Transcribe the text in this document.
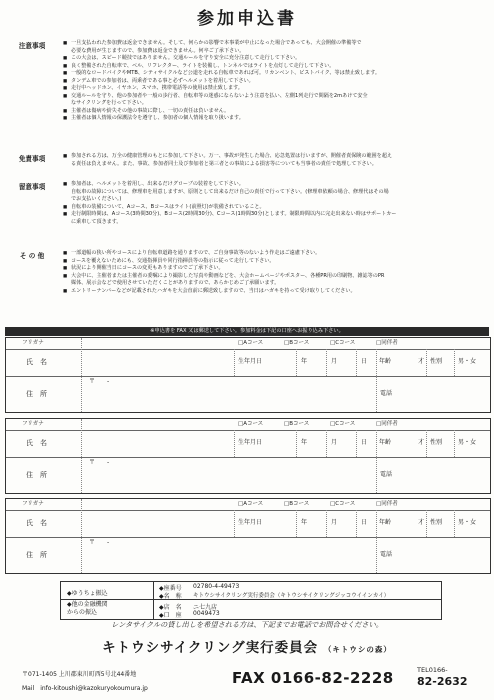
参加申込書
注意事項	■ 一旦支払われた参加費は返金できません。そして、何らかの影響で本事業が中止になった場合であっても、大会開催の準備等で
必要な費用が生じますので、参加費は返金できません。何卒ご了承下さい。
■ この大会は、スピード競技ではありません。交通ルールを守り安全に充分注意して走行して下さい。
■ 良く整備された自転車で、ベル、リフレクター、ライトを装備し、トンネルではライトを点灯して走行して下さい。
■ 一般的なロードバイクやMTB、シティサイクルなど公道を走れる自転車であれば可。リカンベント、ピストバイク、等は禁止致します。
■ タンデム車での参加者は、両乗者である事と必ずヘルメットを着用して下さい。
■ 走行中ヘッドホン、イヤホン、スマホ、携帯電話等の使用は禁止致します。
■ 交通ルールを守り、他の参加者や一般の歩行者、自転車等の迷惑にならないよう注意を払い、左側1列走行で間隔を2mあけて安全
なサイクリングを行って下さい。
■ 主催者は傷病や紛失その他の事故に際し、一切の責任は負いません。
■ 主催者は個人情報の保護法令を遵守し、参加者の個人情報を取り扱います。
免責事項	■ 参加される方は、万全の健康管理のもとに参加して下さい。万一、事故が発生した場合、応急処置は行いますが、開催者責保険の範囲を超え
る責任は負えません。また、事故、参加者同士及び参加者と第三者との事故による損害等についても当事者の責任で処理して下さい。
留意事項	■ 参加者は、ヘルメットを着用し、出来るだけグローブの装着をして下さい。
自転車の故障については、修理車を用意しますが、原則として出来るだけ自己の責任で行って下さい。(修理車依頼の場合、修理代はその場
でお支払いください。)
■ 自転車の装備について、Aコース、Bコースはライト(前照灯)が装備されていること。
■ 走行制限時間は、Aコース(3時間30分)、Bコース(2時間30分)、Cコース(1時間30分)とします。制限時間以内に完走出来ない時はサポートカー
に乗車して頂きます。
そ の 他	■ 一部道幅の狭い所やコースにより自転車道路を通りますので、ご自身事故等のないよう作走はご遠慮下さい。
■ コースを覆えないためにも、交通指揮員や同行指揮員等の指示に従って走行して下さい。
■ 状況により開催当日にコースの変更もありますのでご了承下さい。
■ 大会中に、主催者または主催者の委嘱により撮影した写真や動画などを、大会ホームページやポスター、各種PR用の印刷物、雑誌等のPR
媒体、展示会などで使用させていただくことがありますので、あらかじめご了承願います。
■ エントリーナンバーなどが記載されたハガキを大会直前に郵送致しますので、当日はハガキを持って受け取りしてください。
※申込書を FAX 又は郵送して下さい。参加料金は下記の口座へお振り込み下さい。
フリガナ	□Aコース	□Bコース	□Cコース	□同伴者
氏　名	生年月日	年	月	日 年齢	才 性別	男・女
住　所
〒　　-
電話
フリガナ	□Aコース	□Bコース	□Cコース	□同伴者
氏　名	生年月日	年	月	日 年齢	才 性別	男・女
住　所
〒　　-
電話
フリガナ	□Aコース	□Bコース	□Cコース	□同伴者
氏　名	生年月日	年	月	日 年齢	才 性別	男・女
住　所
〒　　-
電話
◆ゆうちょ振込
◆他の金融機関
からの振込
◆座番号 02780-4-49473
◆名　称 キトウシサイクリング実行委員会（キトウシサイクリングジッコウイインカイ）
◆店　名 ニ七九店
◆口　座 0049473
レンタサイクルの貸し出しを希望される方は、下記までお電話でお問合せください。
キトウシサイクリング実行委員会 （キトウシの森）
〒071-1405 上川郡東川町西5号北44番地
Mail　info-kitoushi@kazokuryokoumura.jp
FAX 0166-82-2228	TEL0166-
82-2632
